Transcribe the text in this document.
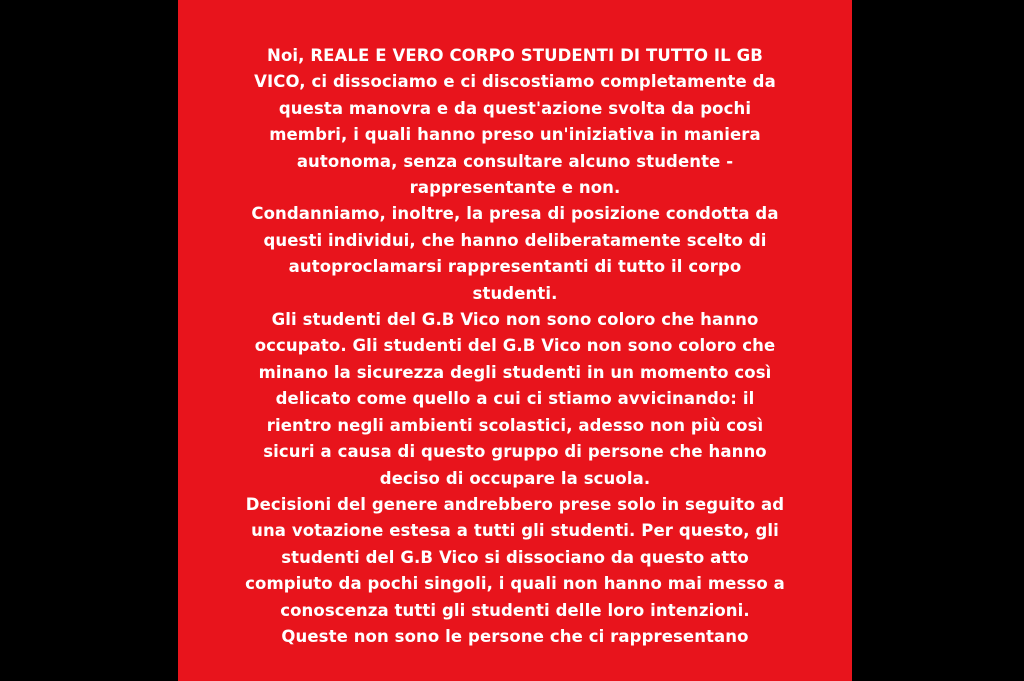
Noi, REALE E VERO CORPO STUDENTI DI TUTTO IL GB
VICO, ci dissociamo e ci discostiamo completamente da
questa manovra e da quest'azione svolta da pochi
membri, i quali hanno preso un'iniziativa in maniera
autonoma, senza consultare alcuno studente -
rappresentante e non.
Condanniamo, inoltre, la presa di posizione condotta da
questi individui, che hanno deliberatamente scelto di
autoproclamarsi rappresentanti di tutto il corpo
studenti.
Gli studenti del G.B Vico non sono coloro che hanno
occupato. Gli studenti del G.B Vico non sono coloro che
minano la sicurezza degli studenti in un momento così
delicato come quello a cui ci stiamo avvicinando: il
rientro negli ambienti scolastici, adesso non più così
sicuri a causa di questo gruppo di persone che hanno
deciso di occupare la scuola.
Decisioni del genere andrebbero prese solo in seguito ad
una votazione estesa a tutti gli studenti. Per questo, gli
studenti del G.B Vico si dissociano da questo atto
compiuto da pochi singoli, i quali non hanno mai messo a
conoscenza tutti gli studenti delle loro intenzioni.
Queste non sono le persone che ci rappresentano
